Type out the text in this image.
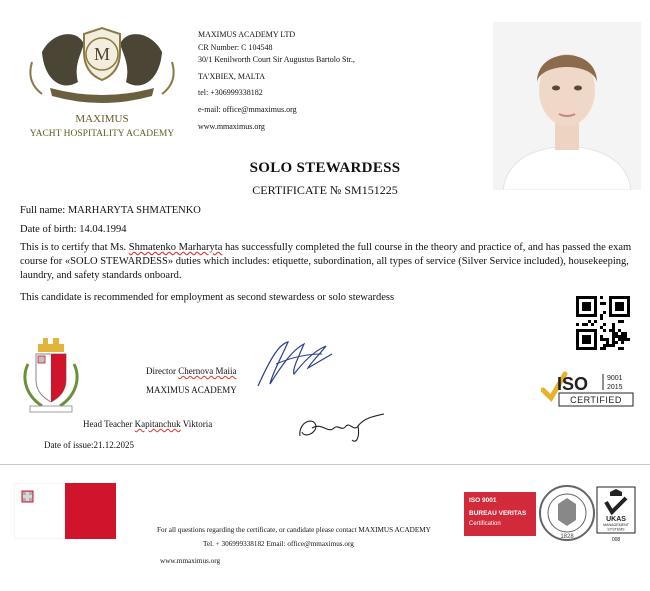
M
MAXIMUS
YACHT HOSPITALITY ACADEMY
MAXIMUS ACADEMY LTD
CR Number: C 104548
30/1 Kenilworth Court Sir Augustus Bartolo Str.,
TA'XBIEX, MALTA
tel: +306999338182
e-mail: office@mmaximus.org
www.mmaximus.org
SOLO STEWARDESS
CERTIFICATE № SM151225
Full name: MARHARYTA SHMATENKO
Date of birth: 14.04.1994
This is to certify that Ms. Shmatenko Marharyta has successfully completed the full course in the theory and practice of, and has passed the exam course for «SOLO STEWARDESS» duties which includes: etiquette, subordination, all types of service (Silver Service included), housekeeping, laundry, and safety standards onboard.
This candidate is recommended for employment as second stewardess or solo stewardess
Director Chernova Maiia
MAXIMUS ACADEMY	ISO	9001
2015
CERTIFIED
Head Teacher Kapitanchuk Viktoria
Date of issue:21.12.2025
For all questions regarding the certificate, or candidate please contact MAXIMUS ACADEMY
Tel. + 306999338182 Email: office@mmaximus.org
www.mmaximus.org
ISO 9001
BUREAU VERITAS
Certification
1828
UKAS
MANAGEMENT
SYSTEMS
008
